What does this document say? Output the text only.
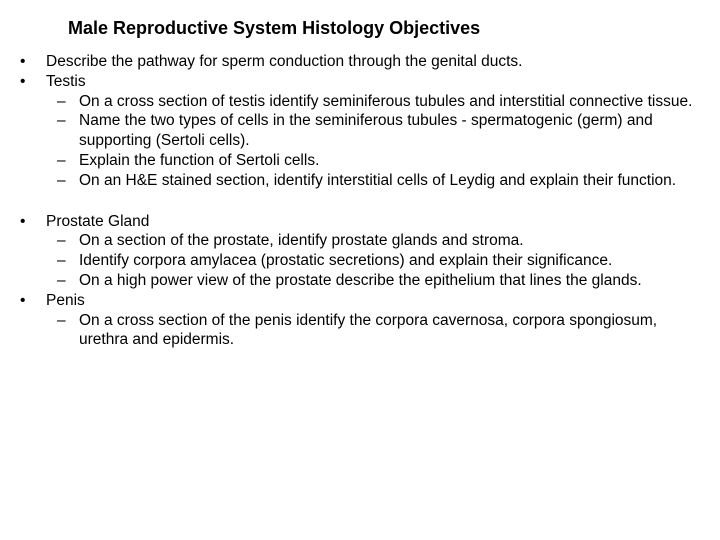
Male Reproductive System Histology Objectives
• Describe the pathway for sperm conduction through the genital ducts.
• Testis
– On a cross section of testis identify seminiferous tubules and interstitial connective tissue.
– Name the two types of cells in the seminiferous tubules - spermatogenic (germ) and supporting (Sertoli cells).
– Explain the function of Sertoli cells.
– On an H&E stained section, identify interstitial cells of Leydig and explain their function.
• Prostate Gland
– On a section of the prostate, identify prostate glands and stroma.
– Identify corpora amylacea (prostatic secretions) and explain their significance.
– On a high power view of the prostate describe the epithelium that lines the glands.
• Penis
– On a cross section of the penis identify the corpora cavernosa, corpora spongiosum, urethra and epidermis.
